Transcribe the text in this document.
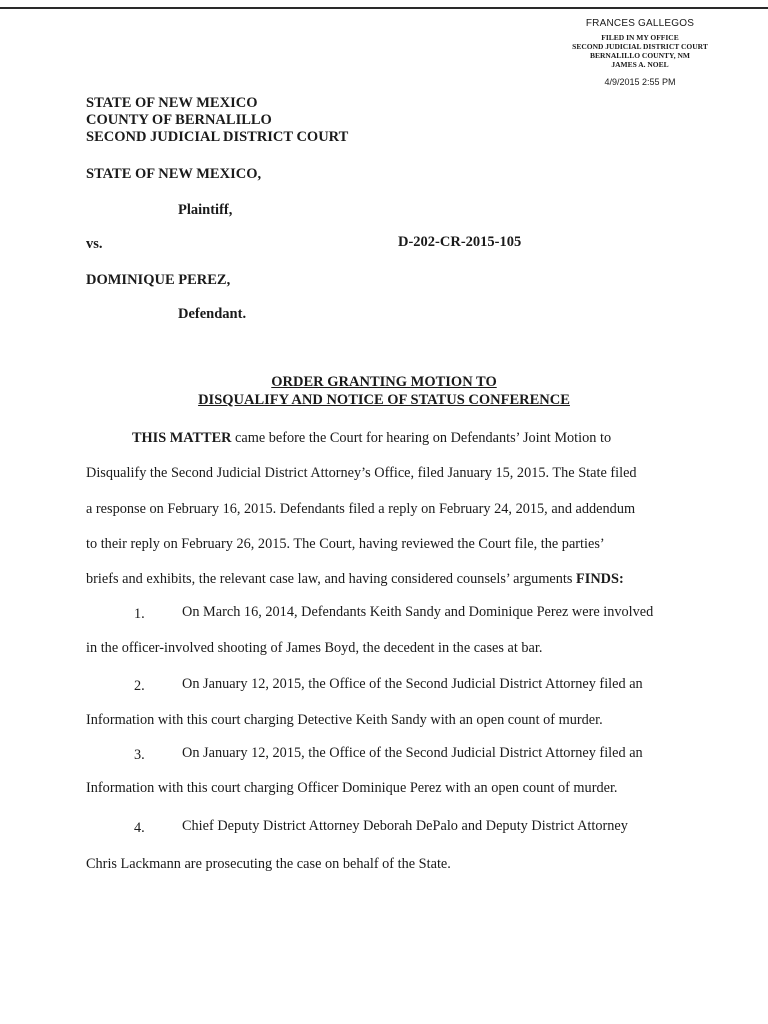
FRANCES GALLEGOS
FILED IN MY OFFICE
SECOND JUDICIAL DISTRICT COURT
BERNALILLO COUNTY, NM
JAMES A. NOEL
4/9/2015 2:55 PM
STATE OF NEW MEXICO
COUNTY OF BERNALILLO
SECOND JUDICIAL DISTRICT COURT
STATE OF NEW MEXICO,
Plaintiff,
vs.	D-202-CR-2015-105
DOMINIQUE PEREZ,
Defendant.
ORDER GRANTING MOTION TO
DISQUALIFY AND NOTICE OF STATUS CONFERENCE
THIS MATTER came before the Court for hearing on Defendants’ Joint Motion to
Disqualify the Second Judicial District Attorney’s Office, filed January 15, 2015. The State filed
a response on February 16, 2015. Defendants filed a reply on February 24, 2015, and addendum
to their reply on February 26, 2015. The Court, having reviewed the Court file, the parties’
briefs and exhibits, the relevant case law, and having considered counsels’ arguments FINDS:
1.	On March 16, 2014, Defendants Keith Sandy and Dominique Perez were involved
in the officer-involved shooting of James Boyd, the decedent in the cases at bar.
2.	On January 12, 2015, the Office of the Second Judicial District Attorney filed an
Information with this court charging Detective Keith Sandy with an open count of murder.
3.	On January 12, 2015, the Office of the Second Judicial District Attorney filed an
Information with this court charging Officer Dominique Perez with an open count of murder.
4.	Chief Deputy District Attorney Deborah DePalo and Deputy District Attorney
Chris Lackmann are prosecuting the case on behalf of the State.
